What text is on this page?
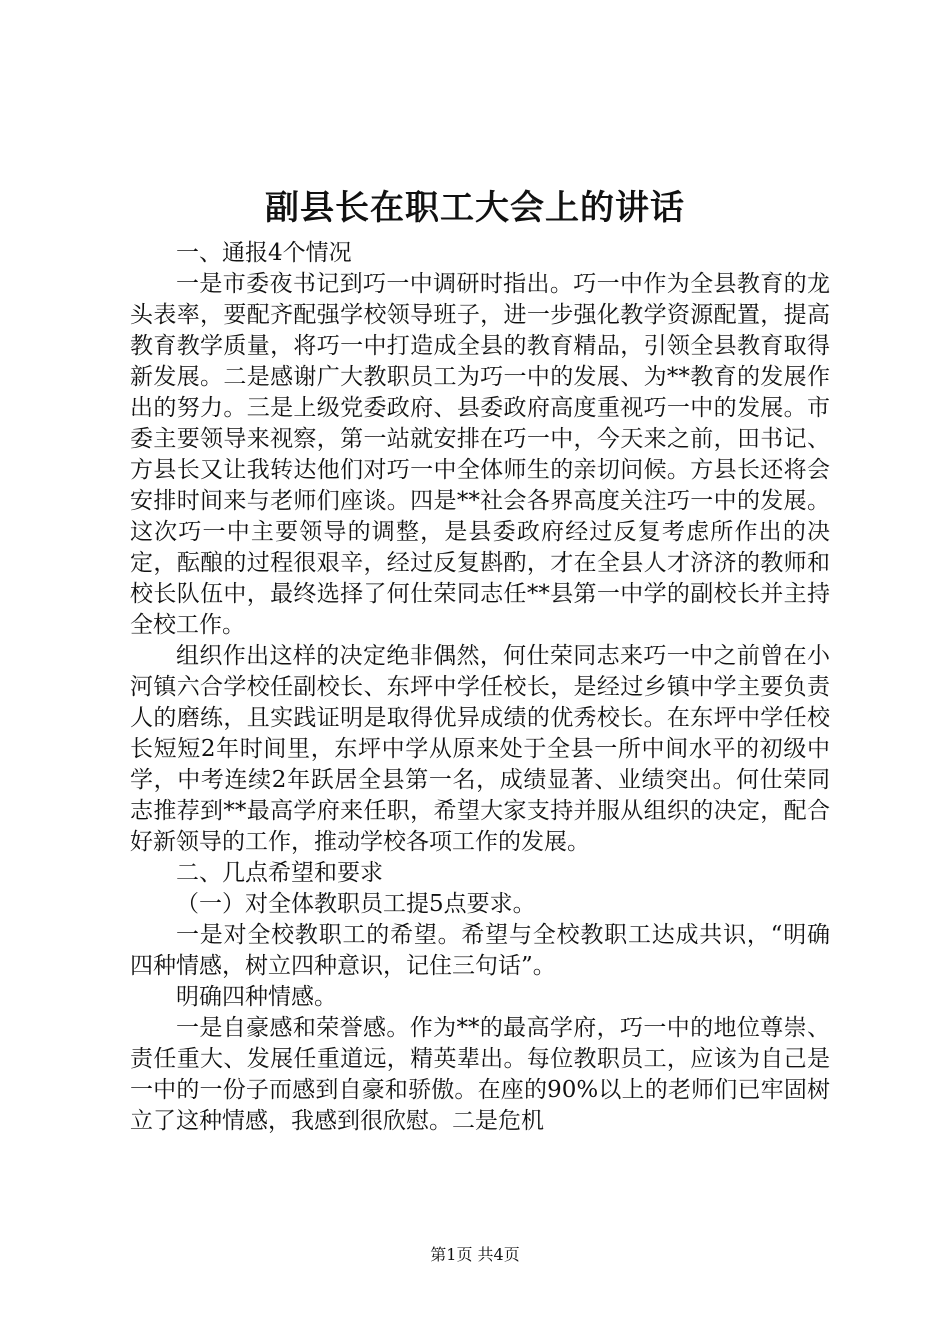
副县长在职工大会上的讲话

一、通报4个情况

一是市委夜书记到巧一中调研时指出。巧一中作为全县教育的龙头表率，要配齐配强学校领导班子，进一步强化教学资源配置，提高教育教学质量，将巧一中打造成全县的教育精品，引领全县教育取得新发展。二是感谢广大教职员工为巧一中的发展、为**教育的发展作出的努力。三是上级党委政府、县委政府高度重视巧一中的发展。市委主要领导来视察，第一站就安排在巧一中，今天来之前，田书记、方县长又让我转达他们对巧一中全体师生的亲切问候。方县长还将会安排时间来与老师们座谈。四是**社会各界高度关注巧一中的发展。这次巧一中主要领导的调整，是县委政府经过反复考虑所作出的决定，酝酿的过程很艰辛，经过反复斟酌，才在全县人才济济的教师和校长队伍中，最终选择了何仕荣同志任**县第一中学的副校长并主持全校工作。

组织作出这样的决定绝非偶然，何仕荣同志来巧一中之前曾在小河镇六合学校任副校长、东坪中学任校长，是经过乡镇中学主要负责人的磨练，且实践证明是取得优异成绩的优秀校长。在东坪中学任校长短短2年时间里，东坪中学从原来处于全县一所中间水平的初级中学，中考连续2年跃居全县第一名，成绩显著、业绩突出。何仕荣同志推荐到**最高学府来任职，希望大家支持并服从组织的决定，配合好新领导的工作，推动学校各项工作的发展。

二、几点希望和要求

（一）对全体教职员工提5点要求。

一是对全校教职工的希望。希望与全校教职工达成共识，“明确四种情感，树立四种意识，记住三句话”。

明确四种情感。

一是自豪感和荣誉感。作为**的最高学府，巧一中的地位尊崇、责任重大、发展任重道远，精英辈出。每位教职员工，应该为自己是一中的一份子而感到自豪和骄傲。在座的90%以上的老师们已牢固树立了这种情感，我感到很欣慰。二是危机

第1页 共4页
